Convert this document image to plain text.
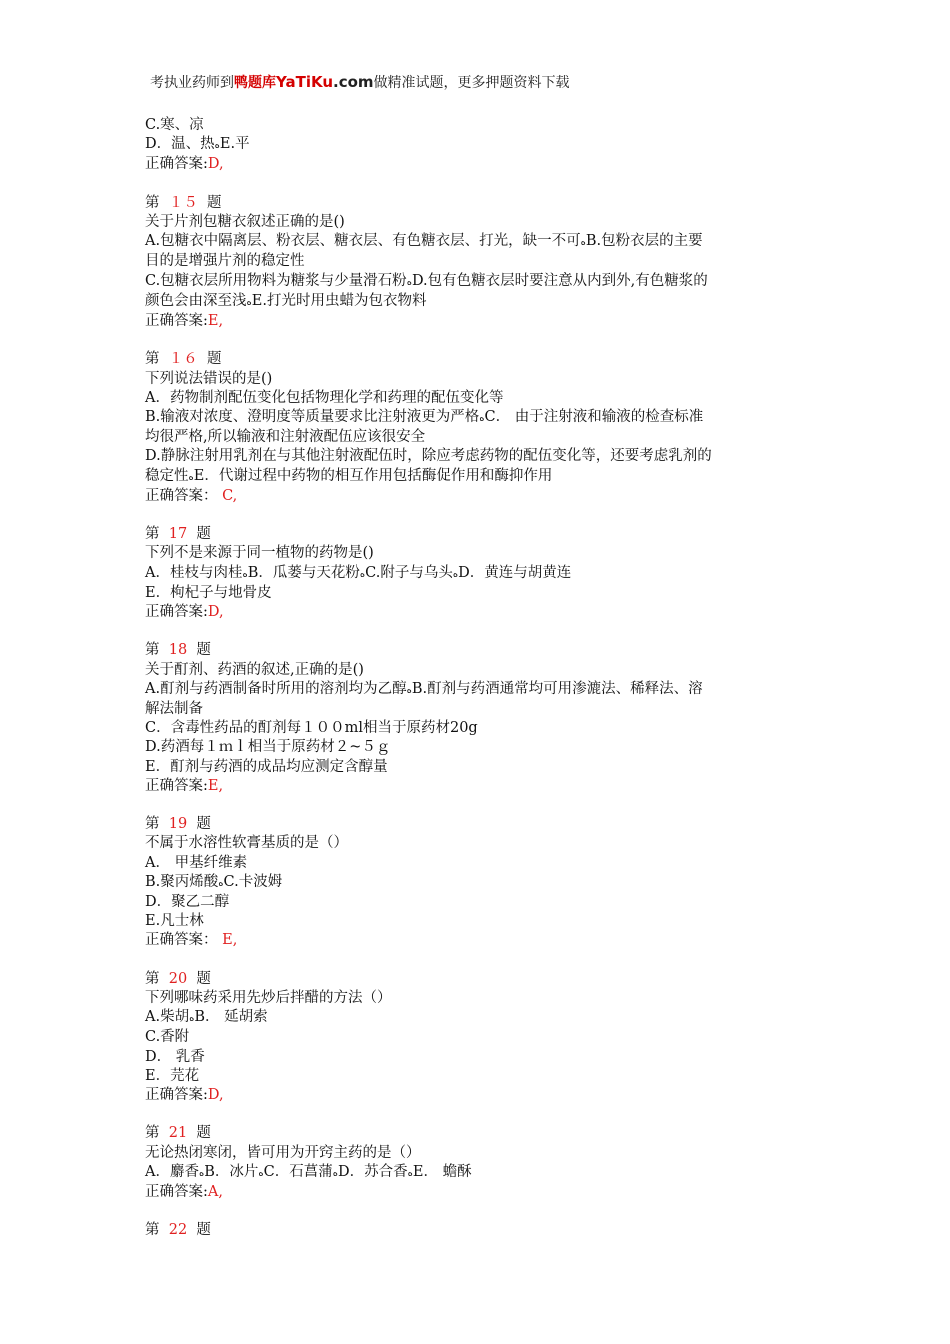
考执业药师到鸭题库YaTiKu.com做精准试题，更多押题资料下载
C.寒、凉
D．温、热ﻩE.平
正确答案:D,
第 １５ 题
关于片剂包糖衣叙述正确的是()
A.包糖衣中隔离层、粉衣层、糖衣层、有色糖衣层、打光，缺一不可ﻩB.包粉衣层的主要
目的是增强片剂的稳定性
C.包糖衣层所用物料为糖浆与少量滑石粉ﻩD.包有色糖衣层时要注意从内到外,有色糖浆的
颜色会由深至浅ﻩE.打光时用虫蜡为包衣物料
正确答案:E,
第 １６ 题
下列说法错误的是()
A．药物制剂配伍变化包括物理化学和药理的配伍变化等
B.输液对浓度、澄明度等质量要求比注射液更为严格ﻩC． 由于注射液和输液的检查标准
均很严格,所以输液和注射液配伍应该很安全
D.静脉注射用乳剂在与其他注射液配伍时，除应考虑药物的配伍变化等，还要考虑乳剂的
稳定性ﻩE．代谢过程中药物的相互作用包括酶促作用和酶抑作用
正确答案： C,
第 17 题
下列不是来源于同一植物的药物是()
A．桂枝与肉桂ﻩB．瓜蒌与天花粉ﻩC.附子与乌头ﻩD．黄连与胡黄连
E．枸杞子与地骨皮
正确答案:D,
第 18 题
关于酊剂、药酒的叙述,正确的是()
A.酊剂与药酒制备时所用的溶剂均为乙醇ﻩB.酊剂与药酒通常均可用渗漉法、稀释法、溶
解法制备
C．含毒性药品的酊剂每１００ml相当于原药材20g
D.药酒每１ｍｌ相当于原药材２~５ｇ
E．酊剂与药酒的成品均应测定含醇量
正确答案:E,
第 19 题
不属于水溶性软膏基质的是（）
A． 甲基纤维素
B.聚丙烯酸ﻩC.卡波姆
D．聚乙二醇
E.凡士林
正确答案： E,
第 20 题
下列哪味药采用先炒后拌醋的方法（）
A.柴胡ﻩB． 延胡索
C.香附
D． 乳香
E．芫花
正确答案:D,
第 21 题
无论热闭寒闭，皆可用为开窍主药的是（）
A．麝香ﻩB．冰片ﻩC．石菖蒲ﻩD．苏合香ﻩE． 蟾酥
正确答案:A,
第 22 题
